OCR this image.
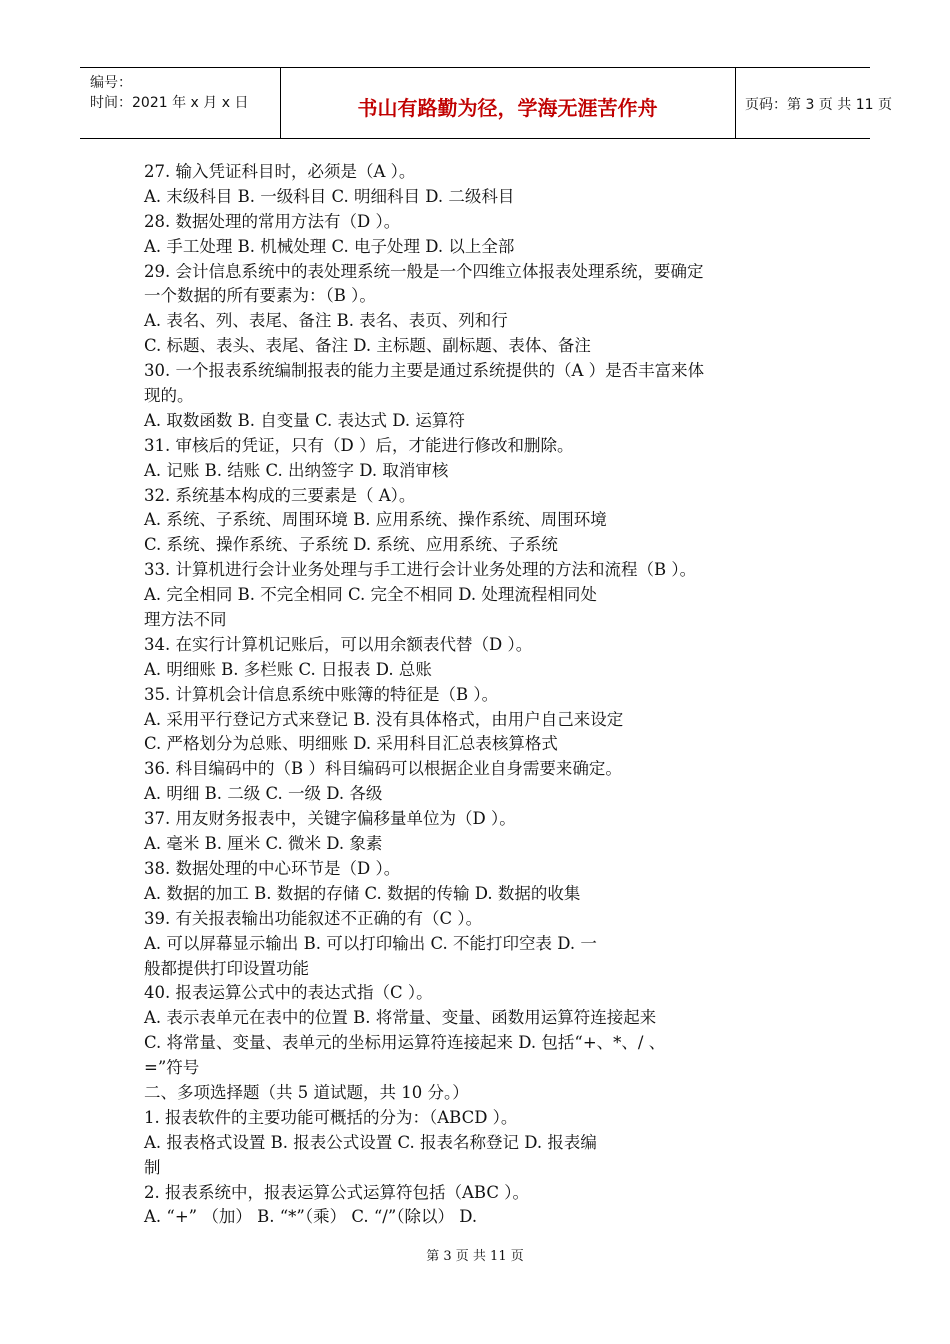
编号：
时间：2021 年 x 月 x 日	书山有路勤为径，学海无涯苦作舟	页码：第 3 页 共 11 页
27. 输入凭证科目时，必须是（A ）。
A. 末级科目 B. 一级科目 C. 明细科目 D. 二级科目
28. 数据处理的常用方法有（D ）。
A. 手工处理 B. 机械处理 C. 电子处理 D. 以上全部
29. 会计信息系统中的表处理系统一般是一个四维立体报表处理系统，要确定
一个数据的所有要素为：（B ）。
A. 表名、列、表尾、备注 B. 表名、表页、列和行
C. 标题、表头、表尾、备注 D. 主标题、副标题、表体、备注
30. 一个报表系统编制报表的能力主要是通过系统提供的（A ）是否丰富来体
现的。
A. 取数函数 B. 自变量 C. 表达式 D. 运算符
31. 审核后的凭证，只有（D ）后，才能进行修改和删除。
A. 记账 B. 结账 C. 出纳签字 D. 取消审核
32. 系统基本构成的三要素是（ A）。
A. 系统、子系统、周围环境 B. 应用系统、操作系统、周围环境
C. 系统、操作系统、子系统 D. 系统、应用系统、子系统
33. 计算机进行会计业务处理与手工进行会计业务处理的方法和流程（B ）。
A. 完全相同 B. 不完全相同 C. 完全不相同 D. 处理流程相同处
理方法不同
34. 在实行计算机记账后，可以用余额表代替（D ）。
A. 明细账 B. 多栏账 C. 日报表 D. 总账
35. 计算机会计信息系统中账簿的特征是（B ）。
A. 采用平行登记方式来登记 B. 没有具体格式，由用户自己来设定
C. 严格划分为总账、明细账 D. 采用科目汇总表核算格式
36. 科目编码中的（B ）科目编码可以根据企业自身需要来确定。
A. 明细 B. 二级 C. 一级 D. 各级
37. 用友财务报表中，关键字偏移量单位为（D ）。
A. 毫米 B. 厘米 C. 微米 D. 象素
38. 数据处理的中心环节是（D ）。
A. 数据的加工 B. 数据的存储 C. 数据的传输 D. 数据的收集
39. 有关报表输出功能叙述不正确的有（C ）。
A. 可以屏幕显示输出 B. 可以打印输出 C. 不能打印空表 D. 一
般都提供打印设置功能
40. 报表运算公式中的表达式指（C ）。
A. 表示表单元在表中的位置 B. 将常量、变量、函数用运算符连接起来
C. 将常量、变量、表单元的坐标用运算符连接起来 D. 包括“+、*、/ 、
=”符号
二、多项选择题（共 5 道试题，共 10 分。）
1. 报表软件的主要功能可概括的分为：（ABCD ）。
A. 报表格式设置 B. 报表公式设置 C. 报表名称登记 D. 报表编
制
2. 报表系统中，报表运算公式运算符包括（ABC ）。
A. “+” （加） B. “*”（乘） C. “/”（除以） D.
第 3 页 共 11 页
